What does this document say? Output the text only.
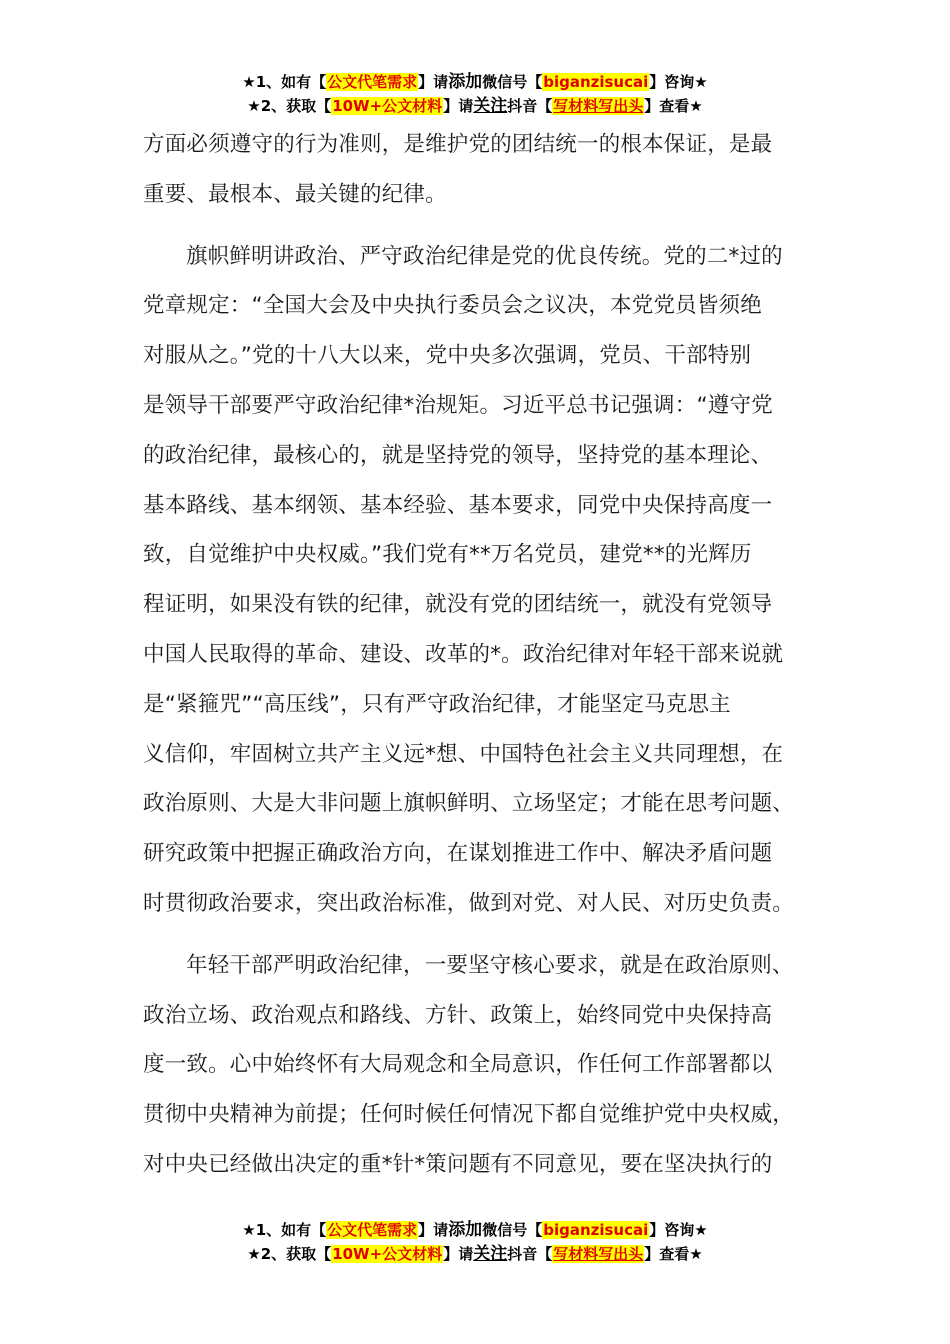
★1、如有【公文代笔需求】请添加微信号【biganzisucai】咨询★
★2、获取【10W+公文材料】请关注抖音【写材料写出头】查看★
方面必须遵守的行为准则，是维护党的团结统一的根本保证，是最
重要、最根本、最关键的纪律。
旗帜鲜明讲政治、严守政治纪律是党的优良传统。党的二*过的
党章规定：“全国大会及中央执行委员会之议决，本党党员皆须绝
对服从之。”党的十八大以来，党中央多次强调，党员、干部特别
是领导干部要严守政治纪律*治规矩。习近平总书记强调：“遵守党
的政治纪律，最核心的，就是坚持党的领导，坚持党的基本理论、
基本路线、基本纲领、基本经验、基本要求，同党中央保持高度一
致，自觉维护中央权威。”我们党有**万名党员，建党**的光辉历
程证明，如果没有铁的纪律，就没有党的团结统一，就没有党领导
中国人民取得的革命、建设、改革的*。政治纪律对年轻干部来说就
是“紧箍咒”“高压线”，只有严守政治纪律，才能坚定马克思主
义信仰，牢固树立共产主义远*想、中国特色社会主义共同理想，在
政治原则、大是大非问题上旗帜鲜明、立场坚定；才能在思考问题、
研究政策中把握正确政治方向，在谋划推进工作中、解决矛盾问题
时贯彻政治要求，突出政治标准，做到对党、对人民、对历史负责。
年轻干部严明政治纪律，一要坚守核心要求，就是在政治原则、
政治立场、政治观点和路线、方针、政策上，始终同党中央保持高
度一致。心中始终怀有大局观念和全局意识，作任何工作部署都以
贯彻中央精神为前提；任何时候任何情况下都自觉维护党中央权威，
对中央已经做出决定的重*针*策问题有不同意见，要在坚决执行的
★1、如有【公文代笔需求】请添加微信号【biganzisucai】咨询★
★2、获取【10W+公文材料】请关注抖音【写材料写出头】查看★
